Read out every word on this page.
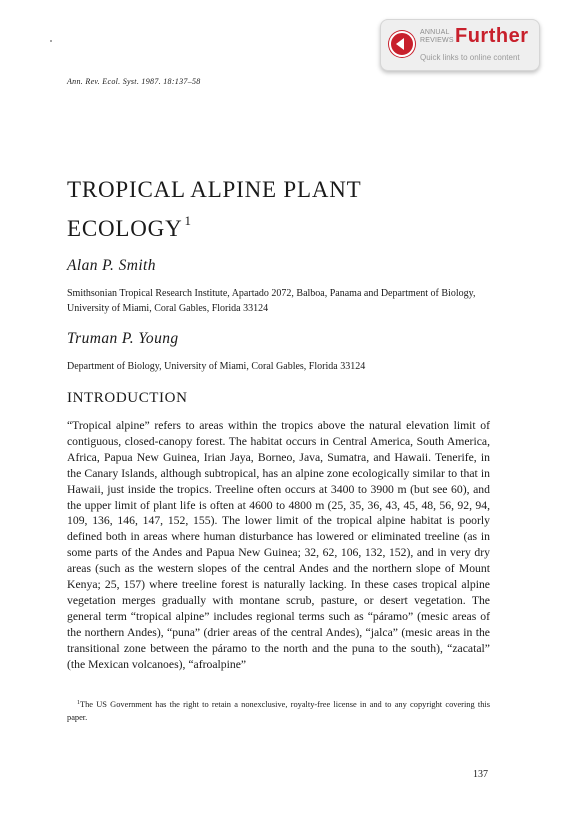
ANNUAL
REVIEWS Further
Quick links to online content
Ann. Rev. Ecol. Syst. 1987. 18:137–58
TROPICAL ALPINE PLANT
ECOLOGY $^1$
Alan P. Smith
Smithsonian Tropical Research Institute, Apartado 2072, Balboa, Panama and Department of Biology, University of Miami, Coral Gables, Florida 33124
Truman P. Young
Department of Biology, University of Miami, Coral Gables, Florida 33124
INTRODUCTION
“Tropical alpine” refers to areas within the tropics above the natural elevation limit of contiguous, closed-canopy forest. The habitat occurs in Central America, South America, Africa, Papua New Guinea, Irian Jaya, Borneo, Java, Sumatra, and Hawaii. Tenerife, in the Canary Islands, although subtropical, has an alpine zone ecologically similar to that in Hawaii, just inside the tropics. Treeline often occurs at 3400 to 3900 m (but see 60), and the upper limit of plant life is often at 4600 to 4800 m (25, 35, 36, 43, 45, 48, 56, 92, 94, 109, 136, 146, 147, 152, 155). The lower limit of the tropical alpine habitat is poorly defined both in areas where human disturbance has lowered or eliminated treeline (as in some parts of the Andes and Papua New Guinea; 32, 62, 106, 132, 152), and in very dry areas (such as the western slopes of the central Andes and the northern slope of Mount Kenya; 25, 157) where treeline forest is naturally lacking. In these cases tropical alpine vegetation merges gradually with montane scrub, pasture, or desert vegetation. The general term “tropical alpine” includes regional terms such as “páramo” (mesic areas of the northern Andes), “puna” (drier areas of the central Andes), “jalca” (mesic areas in the transitional zone between the páramo to the north and the puna to the south), “zacatal” (the Mexican volcanoes), “afroalpine”
$^1$The US Government has the right to retain a nonexclusive, royalty-free license in and to any copyright covering this paper.
137
